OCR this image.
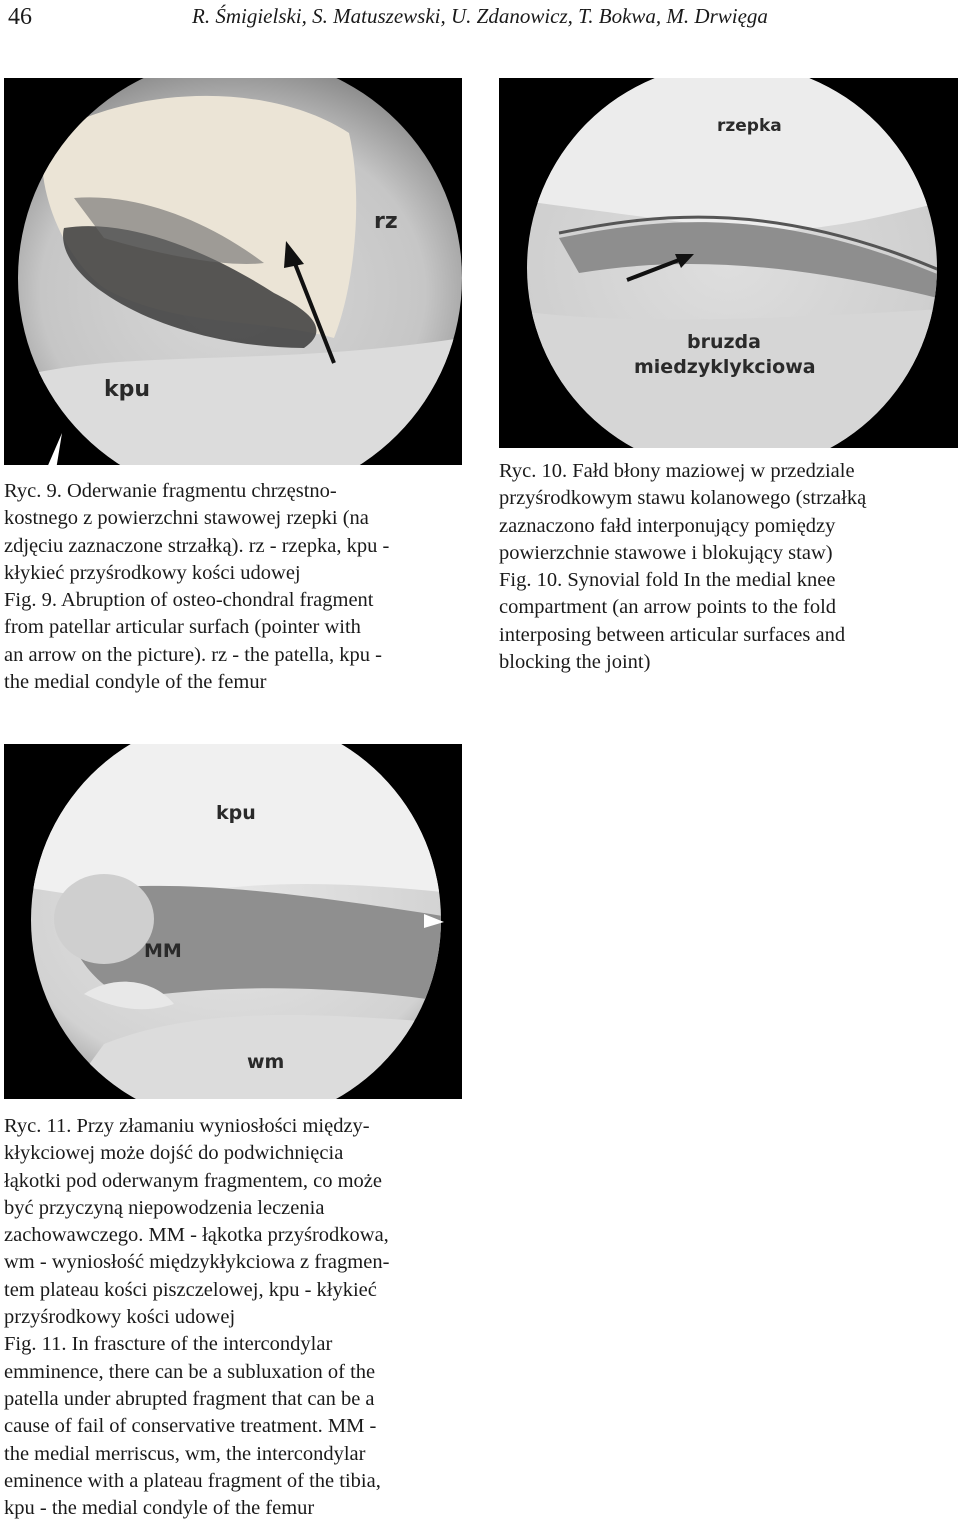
46	R. Śmigielski, S. Matuszewski, U. Zdanowicz, T. Bokwa, M. Drwięga
rz
kpu
rzepka
bruzda
miedzyklykciowa
kpu
MM
wm
Ryc. 9. Oderwanie fragmentu chrzęstno-
kostnego z powierzchni stawowej rzepki (na
zdjęciu zaznaczone strzałką). rz - rzepka, kpu -
kłykieć przyśrodkowy kości udowej
Fig. 9. Abruption of osteo-chondral fragment
from patellar articular surfach (pointer with
an arrow on the picture). rz - the patella, kpu -
the medial condyle of the femur
Ryc. 10. Fałd błony maziowej w przedziale
przyśrodkowym stawu kolanowego (strzałką
zaznaczono fałd interponujący pomiędzy
powierzchnie stawowe i blokujący staw)
Fig. 10. Synovial fold In the medial knee
compartment (an arrow points to the fold
interposing between articular surfaces and
blocking the joint)
Ryc. 11. Przy złamaniu wyniosłości między-
kłykciowej może dojść do podwichnięcia
łąkotki pod oderwanym fragmentem, co może
być przyczyną niepowodzenia leczenia
zachowawczego. MM - łąkotka przyśrodkowa,
wm - wyniosłość międzykłykciowa z fragmen-
tem plateau kości piszczelowej, kpu - kłykieć
przyśrodkowy kości udowej
Fig. 11. In frascture of the intercondylar
emminence, there can be a subluxation of the
patella under abrupted fragment that can be a
cause of fail of conservative treatment. MM -
the medial merriscus, wm, the intercondylar
eminence with a plateau fragment of the tibia,
kpu - the medial condyle of the femur
